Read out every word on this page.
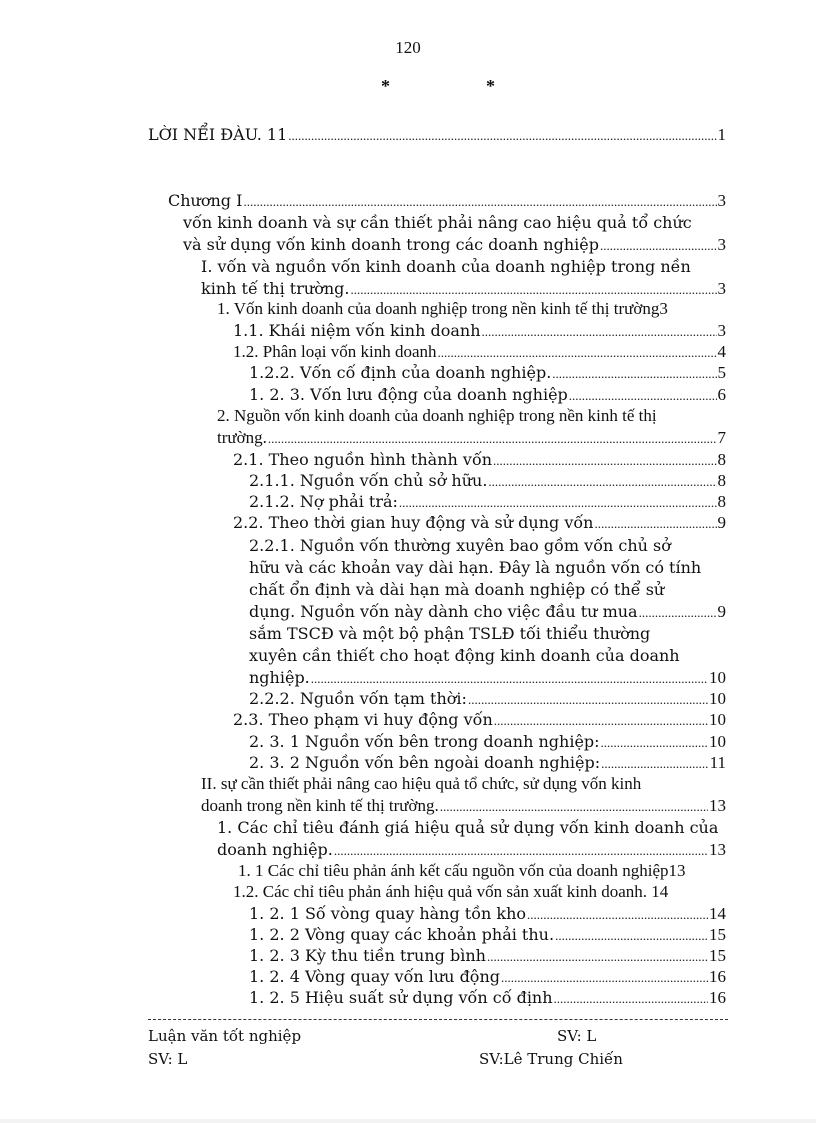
120
*	*
LỜI NỂI ĐÀU. 11 .....	1
Chương I .....	3
vốn kinh doanh và sự cần thiết phải nâng cao hiệu quả tổ chức
và sử dụng vốn kinh doanh trong các doanh nghiệp .....	3
I. vốn và nguồn vốn kinh doanh của doanh nghiệp trong nền
kinh tế thị trường. .....	3
1. Vốn kinh doanh của doanh nghiệp trong nền kinh tế thị trường 3
1.1. Khái niệm vốn kinh doanh .....	3
1.2. Phân loại vốn kinh doanh .....	4
1.2.2. Vốn cố định của doanh nghiệp. .....	5
1. 2. 3. Vốn lưu động của doanh nghiệp .....	6
2. Nguồn vốn kinh doanh của doanh nghiệp trong nền kinh tế thị
trường. .....	7
2.1. Theo nguồn hình thành vốn .....	8
2.1.1. Nguồn vốn chủ sở hữu. .....	8
2.1.2. Nợ phải trả: .....	8
2.2. Theo thời gian huy động và sử dụng vốn .....	9
2.2.1. Nguồn vốn thường xuyên bao gồm vốn chủ sở
hữu và các khoản vay dài hạn. Đây là nguồn vốn có tính
chất ổn định và dài hạn mà doanh nghiệp có thể sử
dụng. Nguồn vốn này dành cho việc đầu tư mua .....	9
sắm TSCĐ và một bộ phận TSLĐ tối thiểu thường
xuyên cần thiết cho hoạt động kinh doanh của doanh
nghiệp. .....	10
2.2.2. Nguồn vốn tạm thời: .....	10
2.3. Theo phạm vi huy động vốn .....	10
2. 3. 1 Nguồn vốn bên trong doanh nghiệp: .....	10
2. 3. 2 Nguồn vốn bên ngoài doanh nghiệp: .....	11
II. sự cần thiết phải nâng cao hiệu quả tổ chức, sử dụng vốn kinh
doanh trong nền kinh tế thị trường. .....	13
1. Các chỉ tiêu đánh giá hiệu quả sử dụng vốn kinh doanh của
doanh nghiệp. .....	13
1. 1 Các chỉ tiêu phản ánh kết cấu nguồn vốn của doanh nghiệp 13
1.2. Các chỉ tiêu phản ánh hiệu quả vốn sản xuất kinh doanh.
14
1. 2. 1 Số vòng quay hàng tồn kho .....	14
1. 2. 2 Vòng quay các khoản phải thu. .....	15
1. 2. 3 Kỳ thu tiền trung bình .....	15
1. 2. 4 Vòng quay vốn lưu động .....	16
1. 2. 5 Hiệu suất sử dụng vốn cố định .....	16
Luận văn tốt nghiệp	SV: L
SV: L	SV:Lê Trung Chiến
